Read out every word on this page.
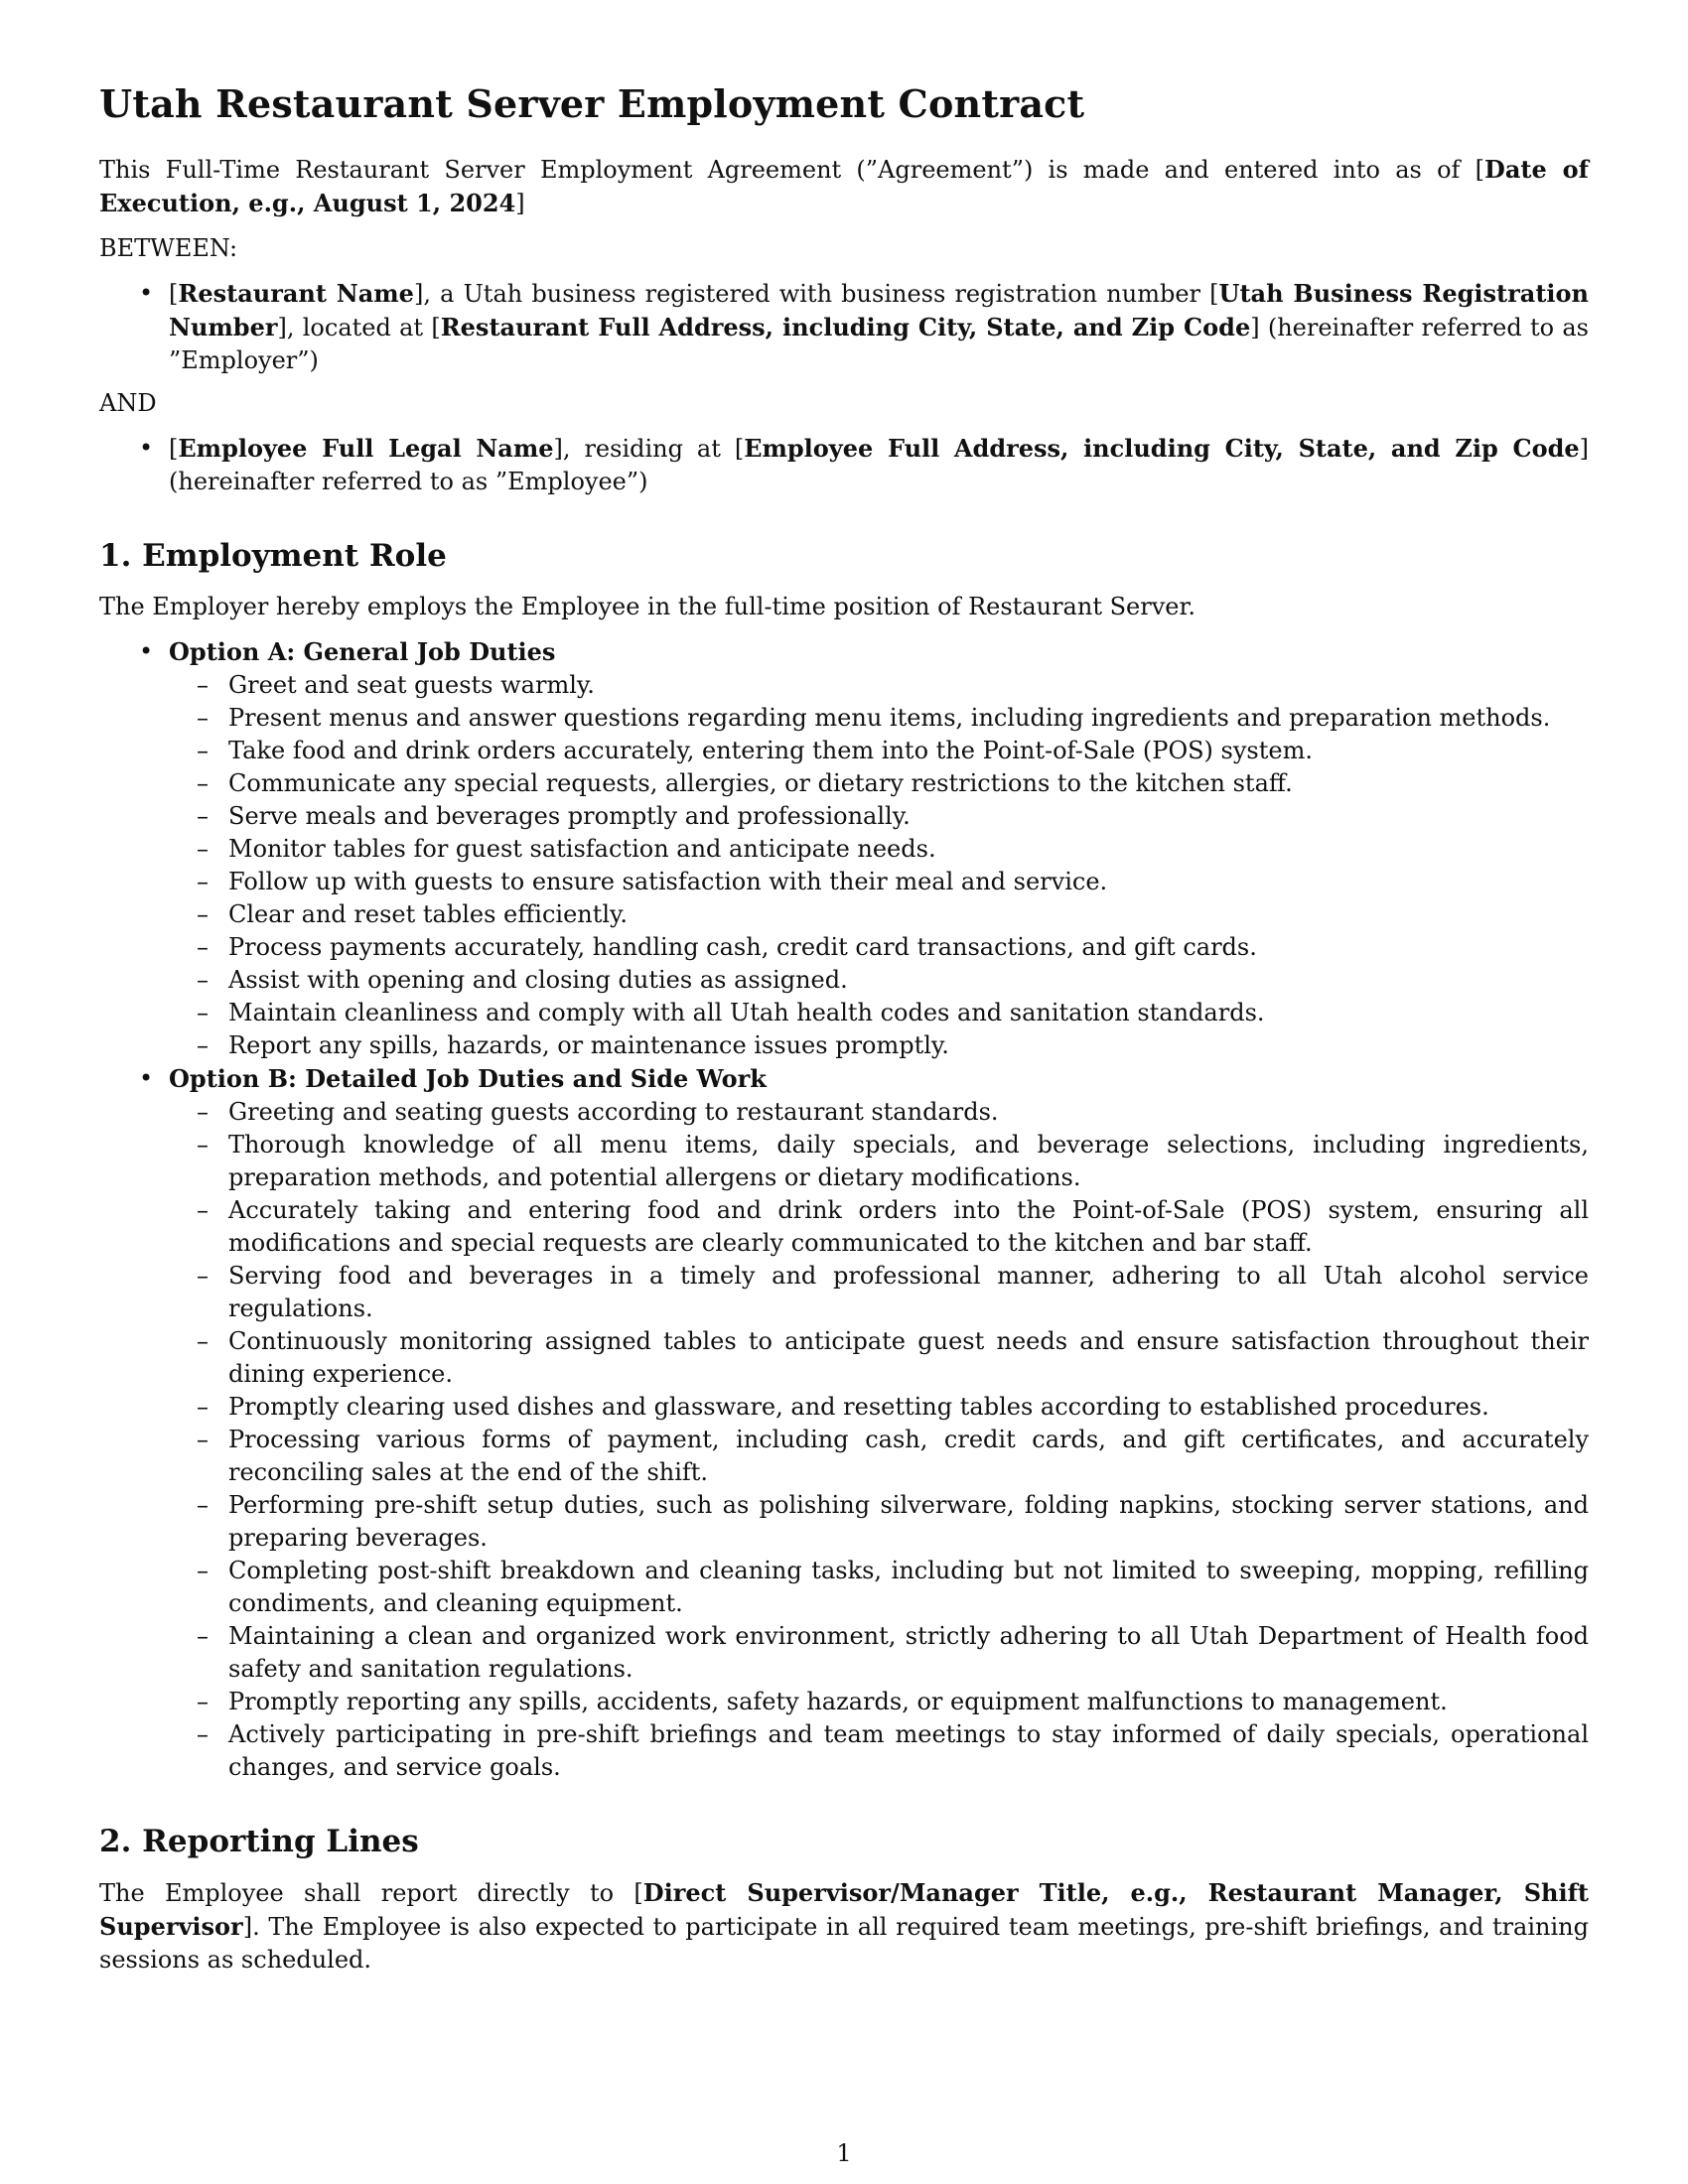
Utah Restaurant Server Employment Contract

This Full-Time Restaurant Server Employment Agreement (”Agreement”) is made and entered into as of [Date of Execution, e.g., August 1, 2024]

BETWEEN:

• [Restaurant Name], a Utah business registered with business registration number [Utah Business Registration Number], located at [Restaurant Full Address, including City, State, and Zip Code] (hereinafter referred to as ”Employer”)

AND

• [Employee Full Legal Name], residing at [Employee Full Address, including City, State, and Zip Code] (hereinafter referred to as ”Employee”)
1. Employment Role

The Employer hereby employs the Employee in the full-time position of Restaurant Server.

• Option A: General Job Duties
– Greet and seat guests warmly.
– Present menus and answer questions regarding menu items, including ingredients and preparation methods.
– Take food and drink orders accurately, entering them into the Point-of-Sale (POS) system.
– Communicate any special requests, allergies, or dietary restrictions to the kitchen staff.
– Serve meals and beverages promptly and professionally.
– Monitor tables for guest satisfaction and anticipate needs.
– Follow up with guests to ensure satisfaction with their meal and service.
– Clear and reset tables efficiently.
– Process payments accurately, handling cash, credit card transactions, and gift cards.
– Assist with opening and closing duties as assigned.
– Maintain cleanliness and comply with all Utah health codes and sanitation standards.
– Report any spills, hazards, or maintenance issues promptly.
• Option B: Detailed Job Duties and Side Work
– Greeting and seating guests according to restaurant standards.
– Thorough knowledge of all menu items, daily specials, and beverage selections, including ingredients, preparation methods, and potential allergens or dietary modifications.
– Accurately taking and entering food and drink orders into the Point-of-Sale (POS) system, ensuring all modifications and special requests are clearly communicated to the kitchen and bar staff.
– Serving food and beverages in a timely and professional manner, adhering to all Utah alcohol service regulations.
– Continuously monitoring assigned tables to anticipate guest needs and ensure satisfaction throughout their dining experience.
– Promptly clearing used dishes and glassware, and resetting tables according to established procedures.
– Processing various forms of payment, including cash, credit cards, and gift certificates, and accurately reconciling sales at the end of the shift.
– Performing pre-shift setup duties, such as polishing silverware, folding napkins, stocking server stations, and preparing beverages.
– Completing post-shift breakdown and cleaning tasks, including but not limited to sweeping, mopping, refilling condiments, and cleaning equipment.
– Maintaining a clean and organized work environment, strictly adhering to all Utah Department of Health food safety and sanitation regulations.
– Promptly reporting any spills, accidents, safety hazards, or equipment malfunctions to management.
– Actively participating in pre-shift briefings and team meetings to stay informed of daily specials, operational changes, and service goals.
2. Reporting Lines

The Employee shall report directly to [Direct Supervisor/Manager Title, e.g., Restaurant Manager, Shift Supervisor]. The Employee is also expected to participate in all required team meetings, pre-shift briefings, and training sessions as scheduled.

1
